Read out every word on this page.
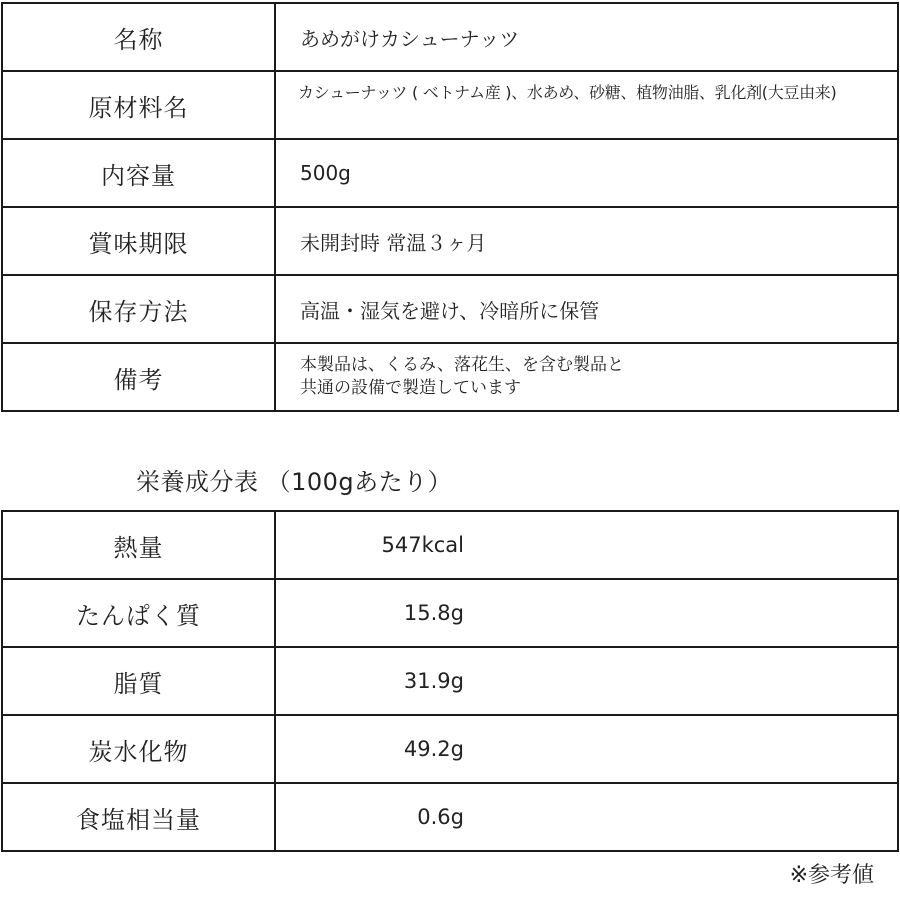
名称	あめがけカシューナッツ
原材料名	カシューナッツ ( ベトナム産 )、水あめ、砂糖、植物油脂、乳化剤(大豆由来)

内容量	500g
賞味期限	未開封時 常温３ヶ月
保存方法	高温・湿気を避け、冷暗所に保管
備考	本製品は、くるみ、落花生、を含む製品と
共通の設備で製造しています
栄養成分表 （100gあたり）
熱量	547kcal
たんぱく質	15.8g
脂質	31.9g
炭水化物	49.2g
食塩相当量	0.6g
※参考値
